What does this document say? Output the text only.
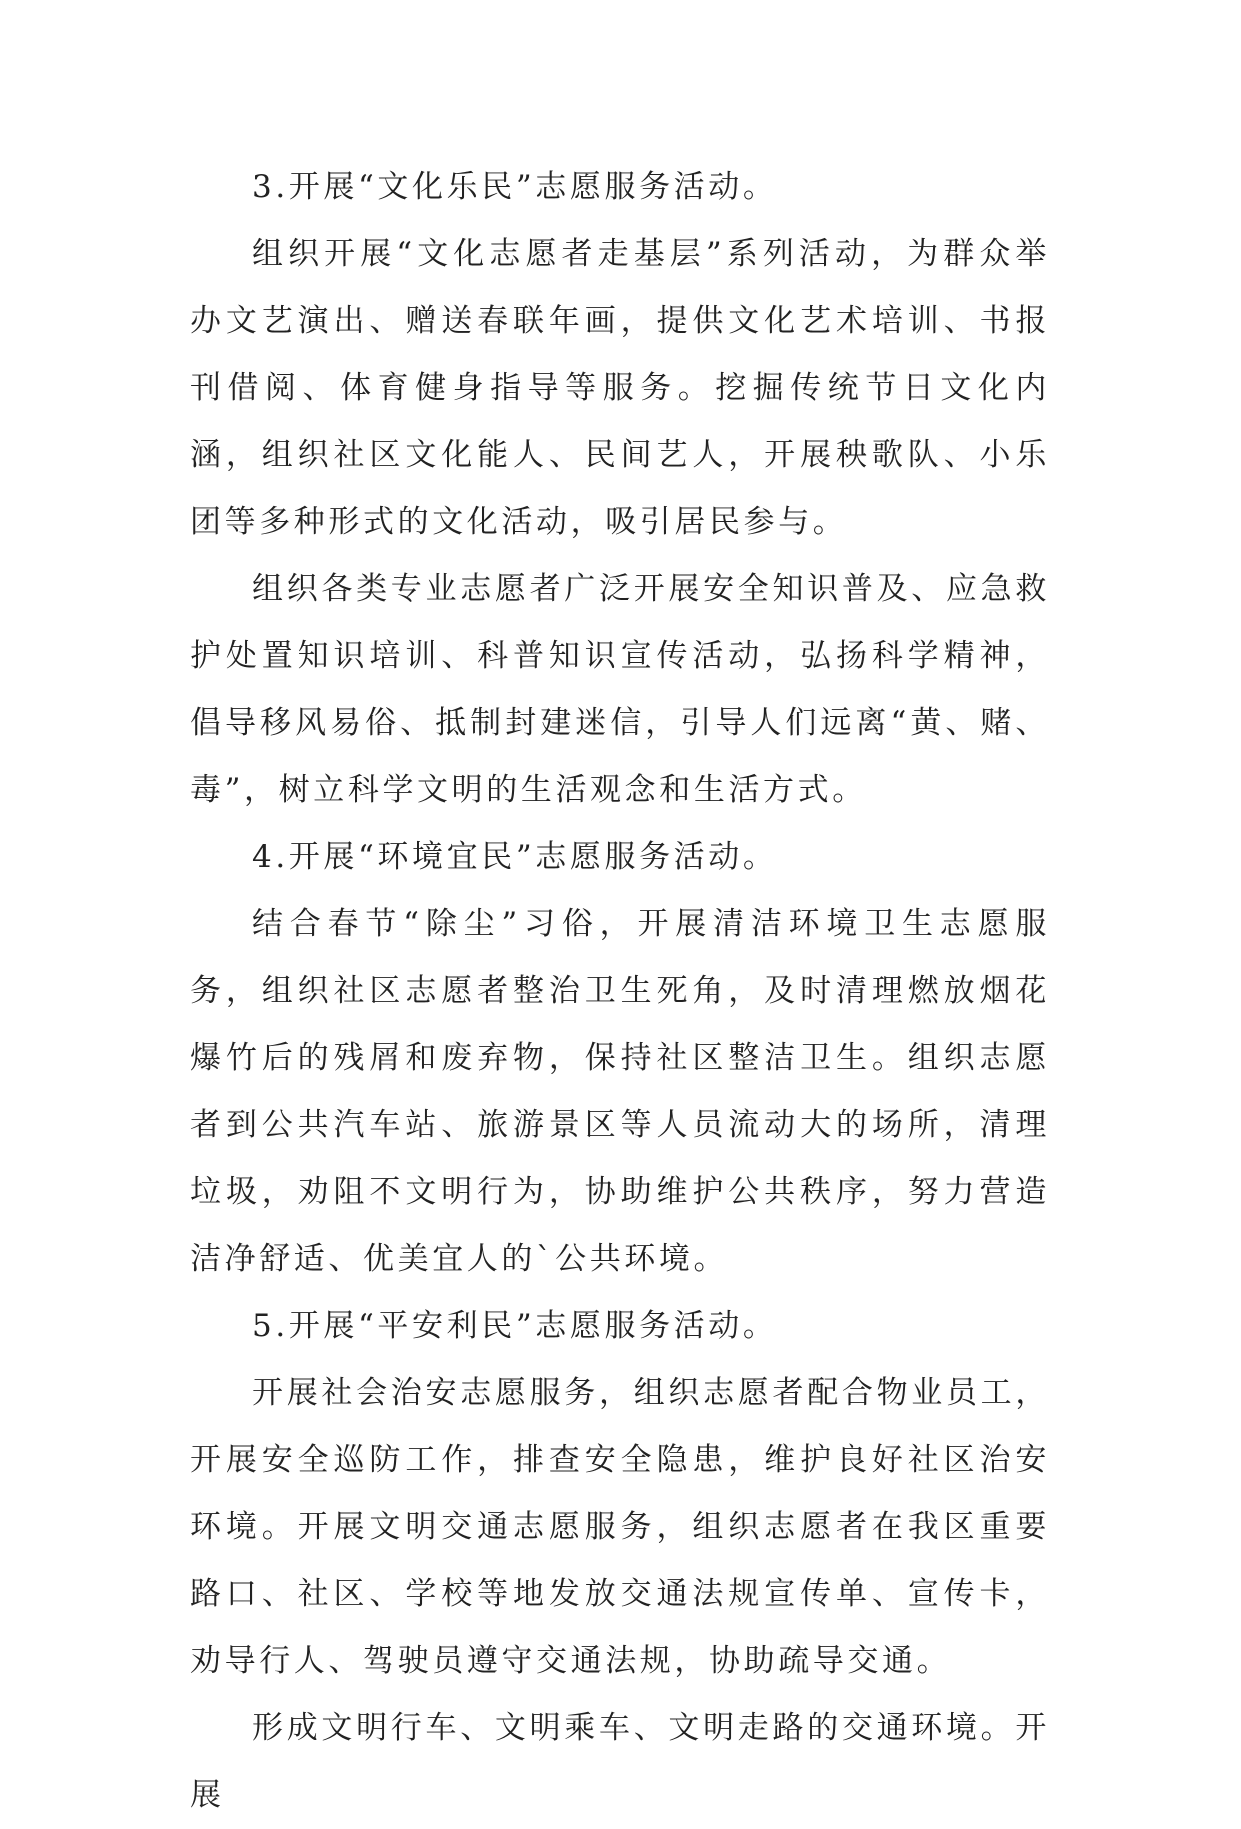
3.开展“文化乐民”志愿服务活动。

组织开展“文化志愿者走基层”系列活动，为群众举办文艺演出、赠送春联年画，提供文化艺术培训、书报刊借阅、体育健身指导等服务。挖掘传统节日文化内涵，组织社区文化能人、民间艺人，开展秧歌队、小乐团等多种形式的文化活动，吸引居民参与。

组织各类专业志愿者广泛开展安全知识普及、应急救护处置知识培训、科普知识宣传活动，弘扬科学精神，倡导移风易俗、抵制封建迷信，引导人们远离“黄、赌、毒”，树立科学文明的生活观念和生活方式。

4.开展“环境宜民”志愿服务活动。

结合春节“除尘”习俗，开展清洁环境卫生志愿服务，组织社区志愿者整治卫生死角，及时清理燃放烟花爆竹后的残屑和废弃物，保持社区整洁卫生。组织志愿者到公共汽车站、旅游景区等人员流动大的场所，清理垃圾，劝阻不文明行为，协助维护公共秩序，努力营造洁净舒适、优美宜人的`公共环境。

5.开展“平安利民”志愿服务活动。

开展社会治安志愿服务，组织志愿者配合物业员工，开展安全巡防工作，排查安全隐患，维护良好社区治安环境。开展文明交通志愿服务，组织志愿者在我区重要路口、社区、学校等地发放交通法规宣传单、宣传卡，劝导行人、驾驶员遵守交通法规，协助疏导交通。

形成文明行车、文明乘车、文明走路的交通环境。开展
